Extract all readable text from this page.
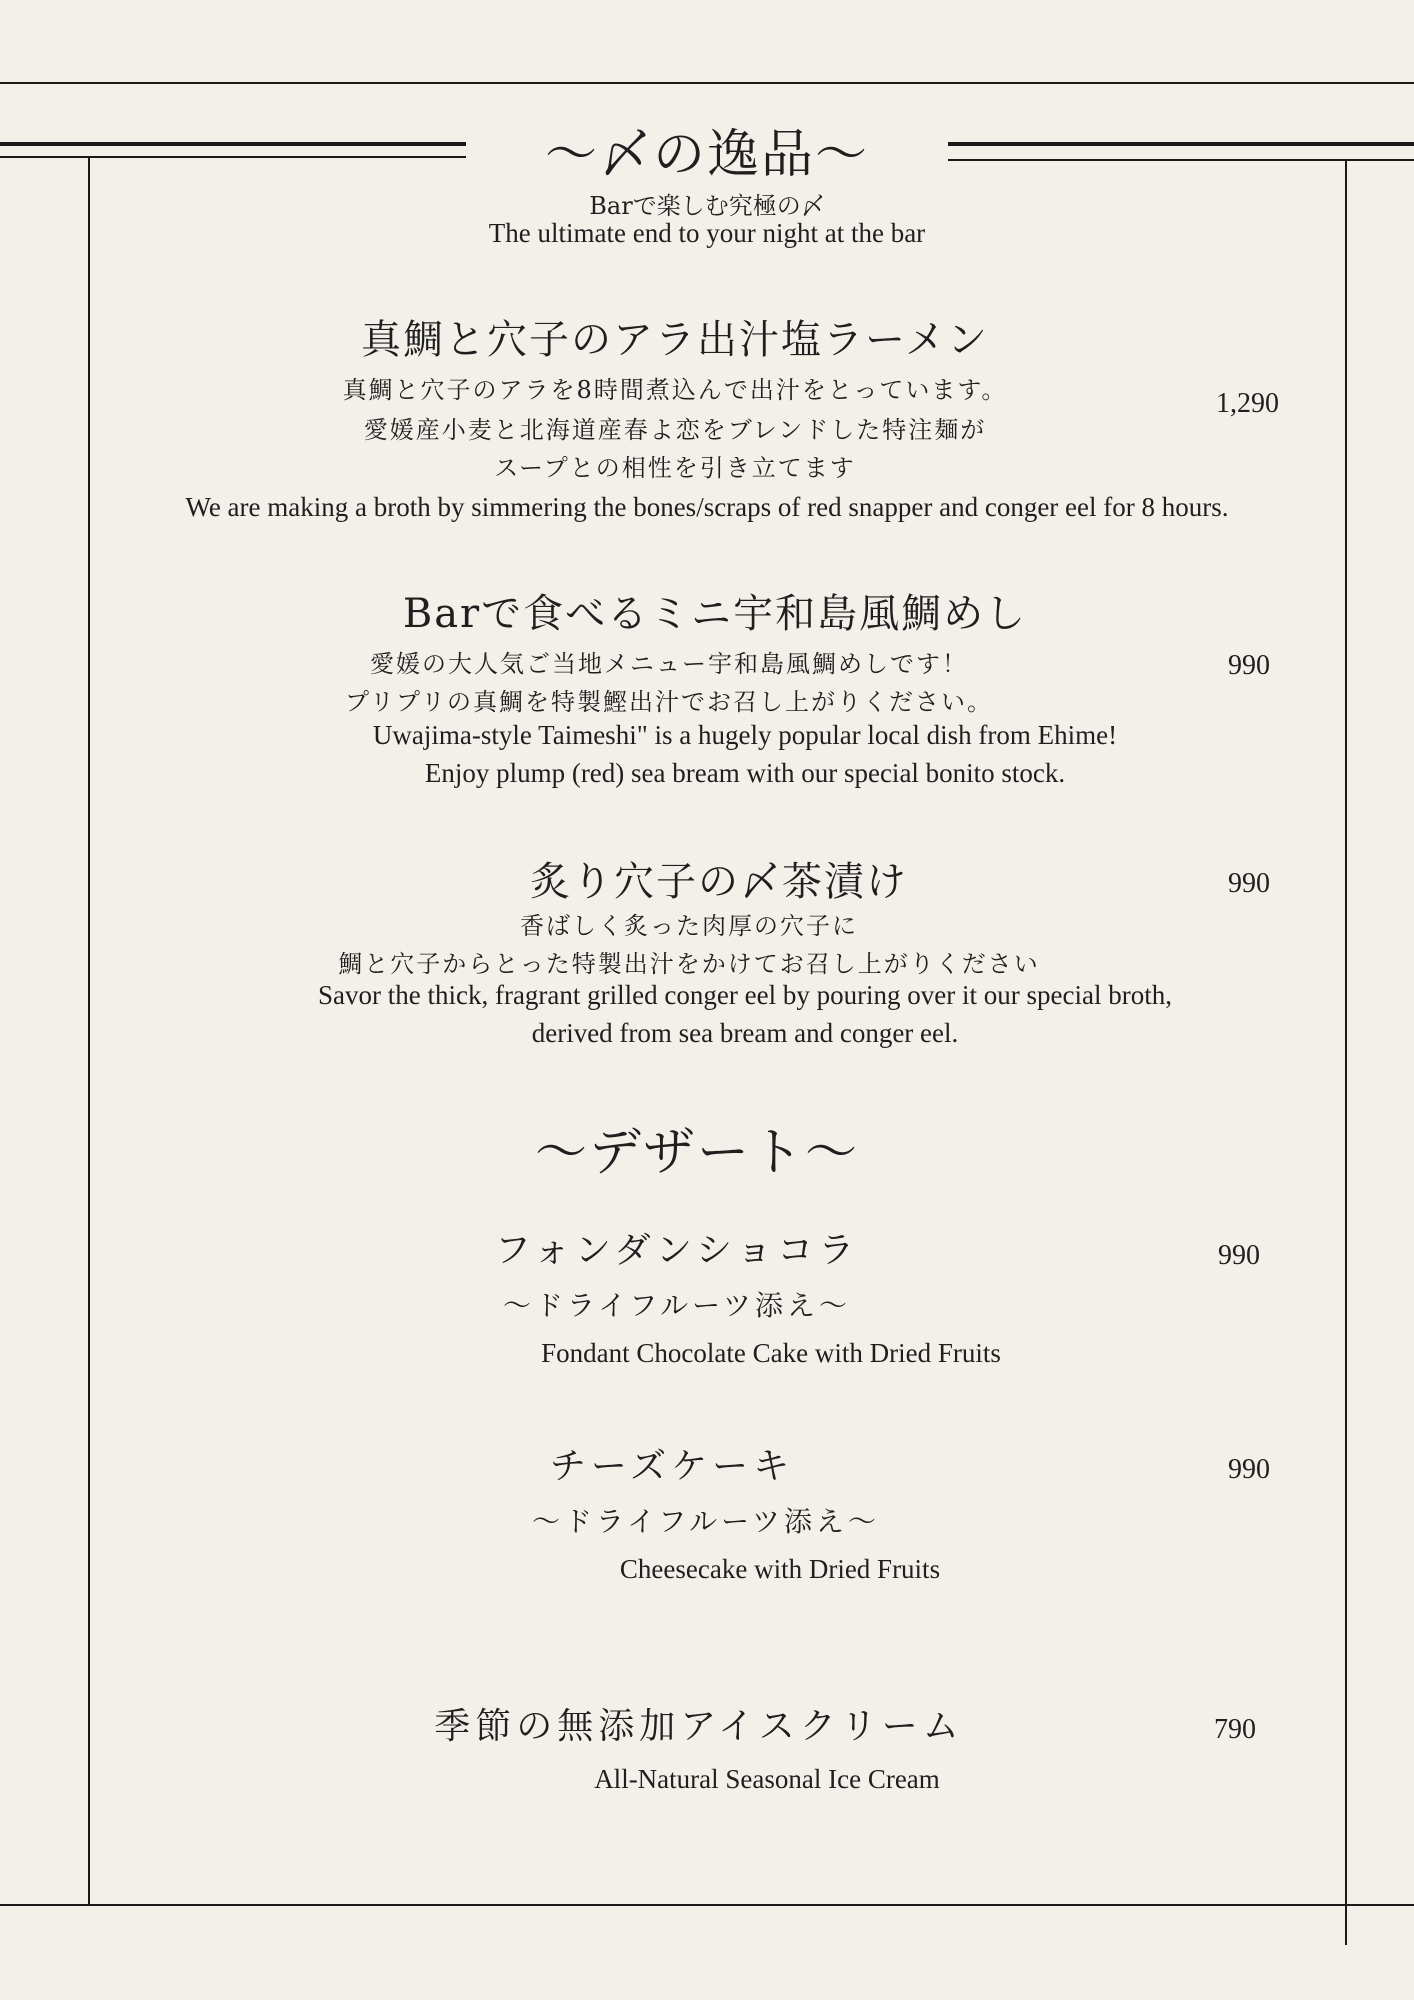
〜〆の逸品〜
Barで楽しむ究極の〆
The ultimate end to your night at the bar
真鯛と穴子のアラ出汁塩ラーメン
真鯛と穴子のアラを8時間煮込んで出汁をとっています。
愛媛産小麦と北海道産春よ恋をブレンドした特注麺が
スープとの相性を引き立てます
We are making a broth by simmering the bones/scraps of red snapper and conger eel for 8 hours.
1,290
Barで食べるミニ宇和島風鯛めし
愛媛の大人気ご当地メニュー宇和島風鯛めしです！
プリプリの真鯛を特製鰹出汁でお召し上がりください。
Uwajima-style Taimeshi" is a hugely popular local dish from Ehime!
Enjoy plump (red) sea bream with our special bonito stock.
990
炙り穴子の〆茶漬け
香ばしく炙った肉厚の穴子に
鯛と穴子からとった特製出汁をかけてお召し上がりください
Savor the thick, fragrant grilled conger eel by pouring over it our special broth,
derived from sea bream and conger eel.
990
〜デザート〜
フォンダンショコラ
〜ドライフルーツ添え〜
Fondant Chocolate Cake with Dried Fruits
990
チーズケーキ
〜ドライフルーツ添え〜
Cheesecake with Dried Fruits
990
季節の無添加アイスクリーム
All-Natural Seasonal Ice Cream
790
